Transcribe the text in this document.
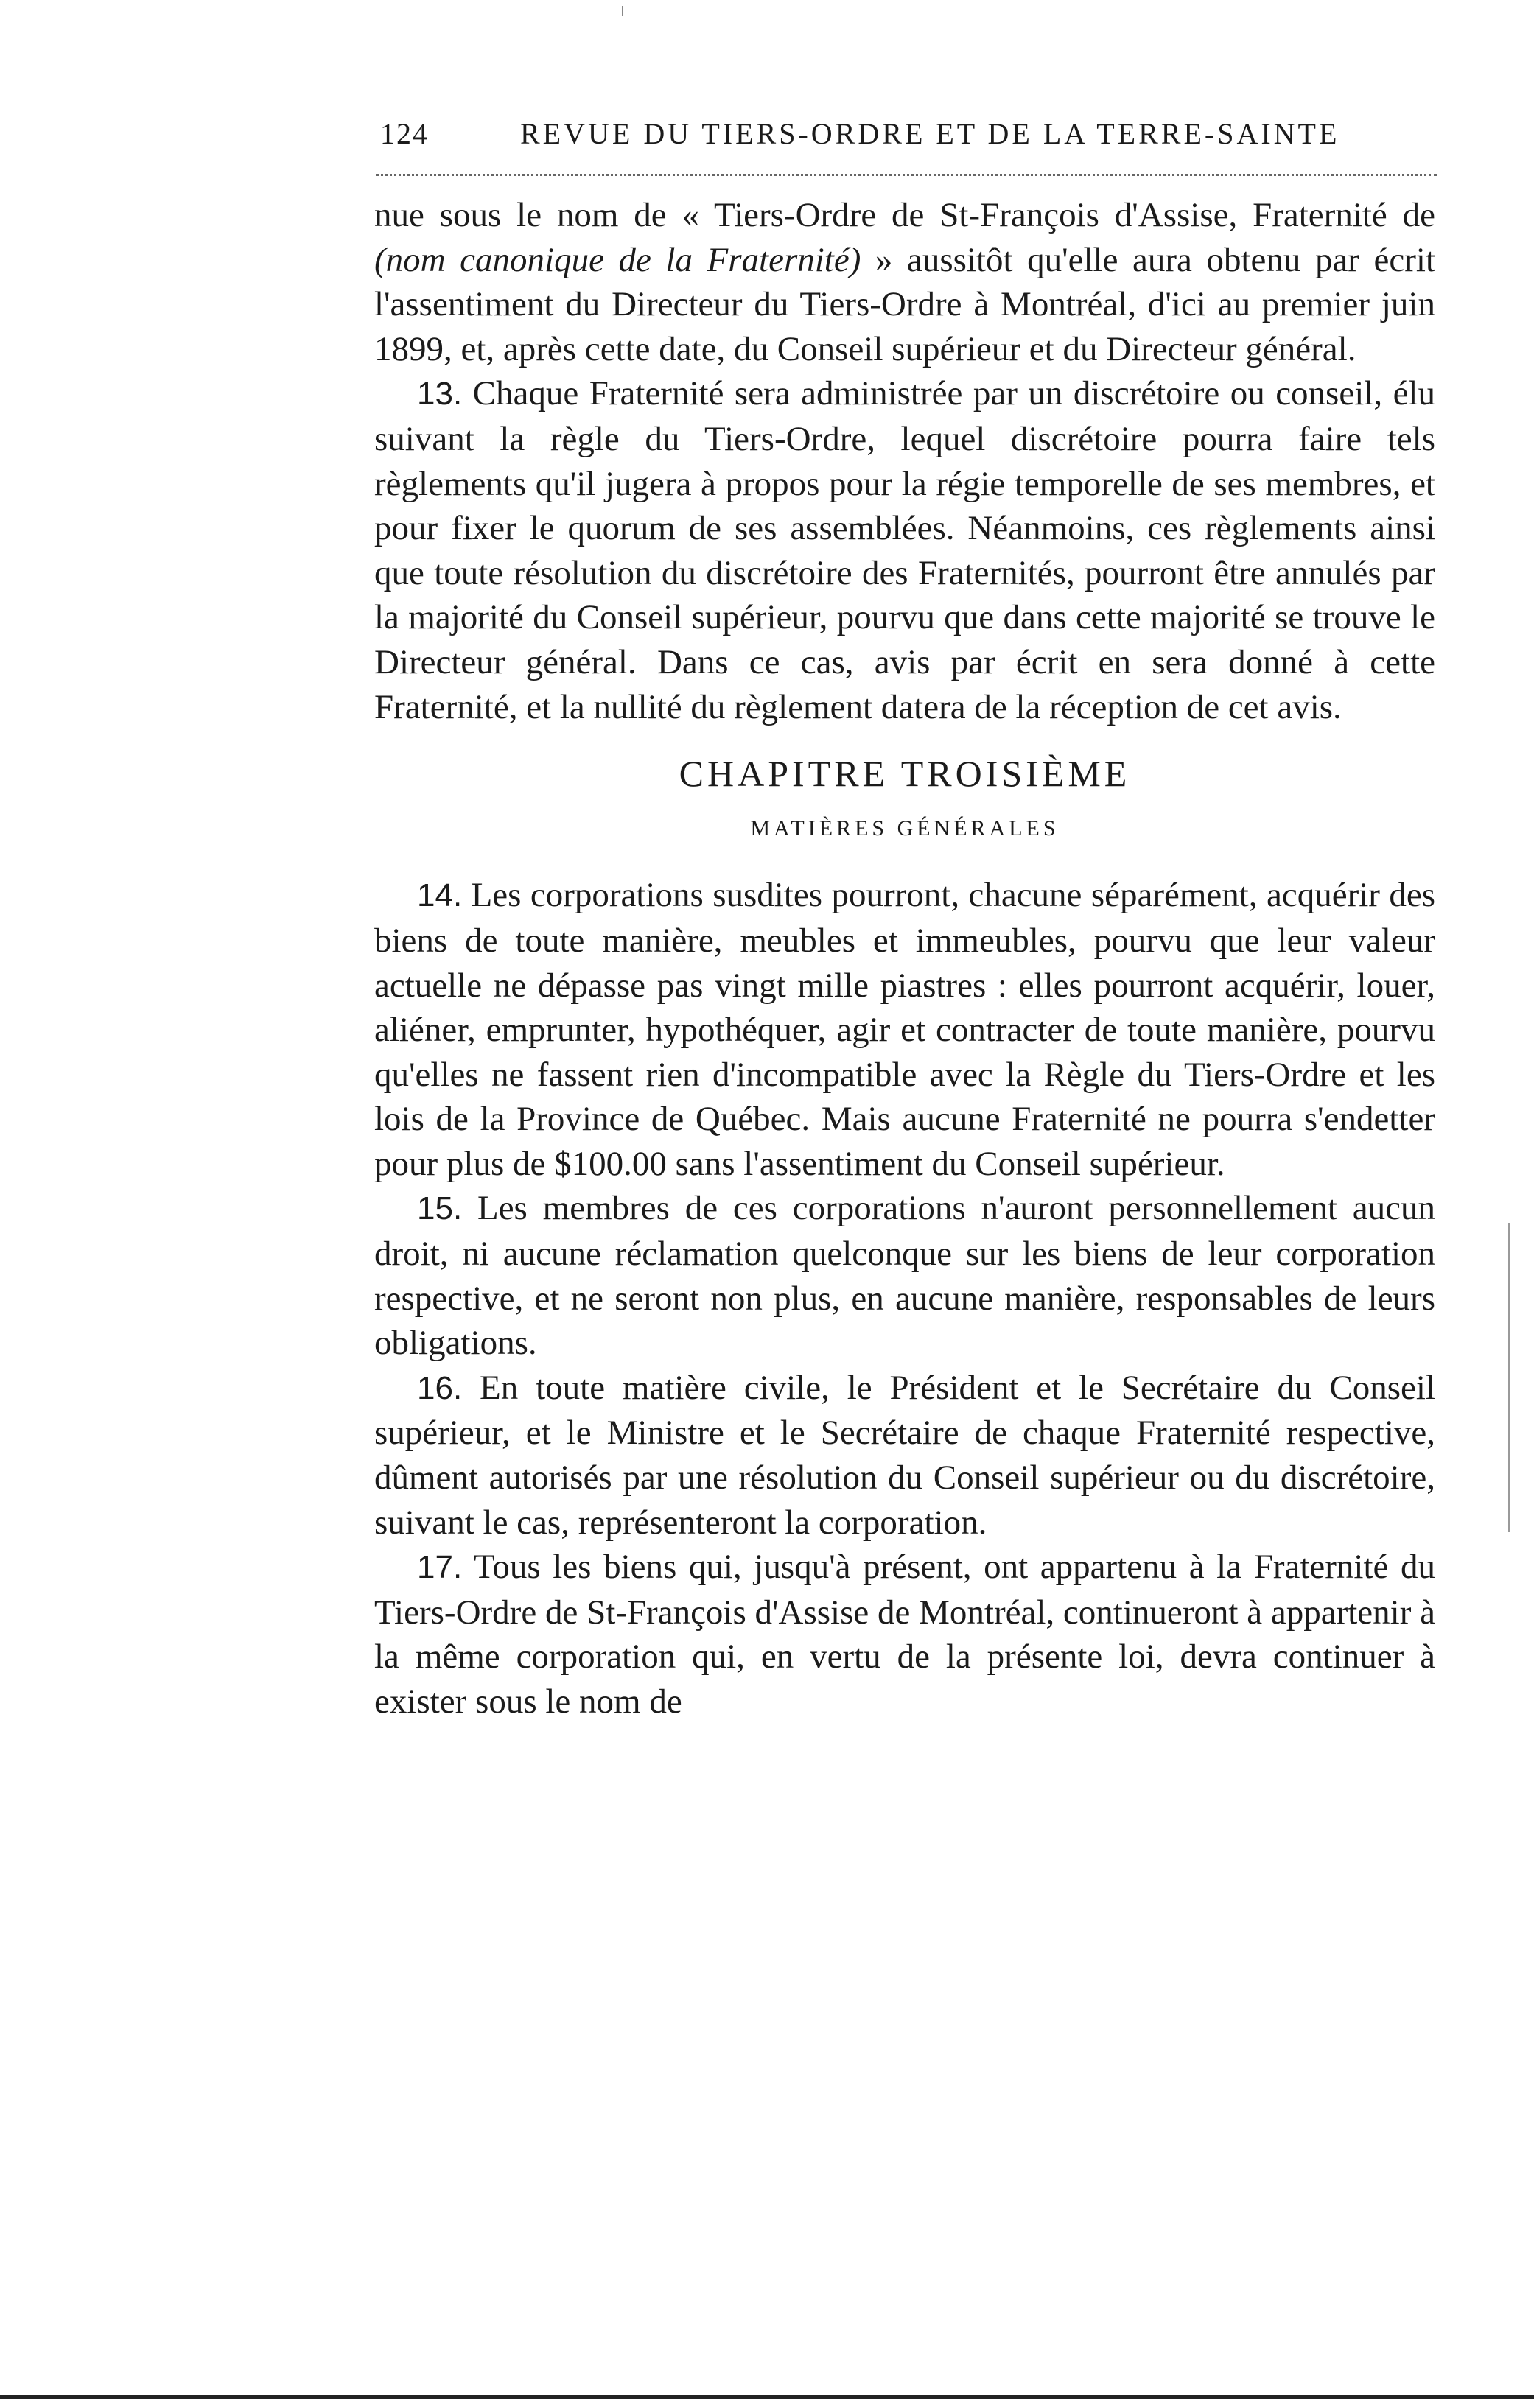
124	REVUE DU TIERS-ORDRE ET DE LA TERRE-SAINTE

nue sous le nom de « Tiers-Ordre de St-François d'Assise, Fraternité de (nom canonique de la Fraternité) » aussitôt qu'elle aura obtenu par écrit l'assentiment du Directeur du Tiers-Ordre à Montréal, d'ici au premier juin 1899, et, après cette date, du Conseil supérieur et du Directeur général.

13. Chaque Fraternité sera administrée par un discrétoire ou conseil, élu suivant la règle du Tiers-Ordre, lequel discrétoire pourra faire tels règlements qu'il jugera à propos pour la régie temporelle de ses membres, et pour fixer le quorum de ses assemblées. Néanmoins, ces règlements ainsi que toute résolution du discrétoire des Fraternités, pourront être annulés par la majorité du Conseil supérieur, pourvu que dans cette majorité se trouve le Directeur général. Dans ce cas, avis par écrit en sera donné à cette Fraternité, et la nullité du règlement datera de la réception de cet avis.

CHAPITRE TROISIÈME
MATIÈRES GÉNÉRALES

14. Les corporations susdites pourront, chacune séparément, acquérir des biens de toute manière, meubles et immeubles, pourvu que leur valeur actuelle ne dépasse pas vingt mille piastres : elles pourront acquérir, louer, aliéner, emprunter, hypothéquer, agir et contracter de toute manière, pourvu qu'elles ne fassent rien d'incompatible avec la Règle du Tiers-Ordre et les lois de la Province de Québec. Mais aucune Fraternité ne pourra s'endetter pour plus de $100.00 sans l'assentiment du Conseil supérieur.

15. Les membres de ces corporations n'auront personnellement aucun droit, ni aucune réclamation quelconque sur les biens de leur corporation respective, et ne seront non plus, en aucune manière, responsables de leurs obligations.

16. En toute matière civile, le Président et le Secrétaire du Conseil supérieur, et le Ministre et le Secrétaire de chaque Fraternité respective, dûment autorisés par une résolution du Conseil supérieur ou du discrétoire, suivant le cas, représenteront la corporation.

17. Tous les biens qui, jusqu'à présent, ont appartenu à la Fraternité du Tiers-Ordre de St-François d'Assise de Montréal, continueront à appartenir à la même corporation qui, en vertu de la présente loi, devra continuer à exister sous le nom de
